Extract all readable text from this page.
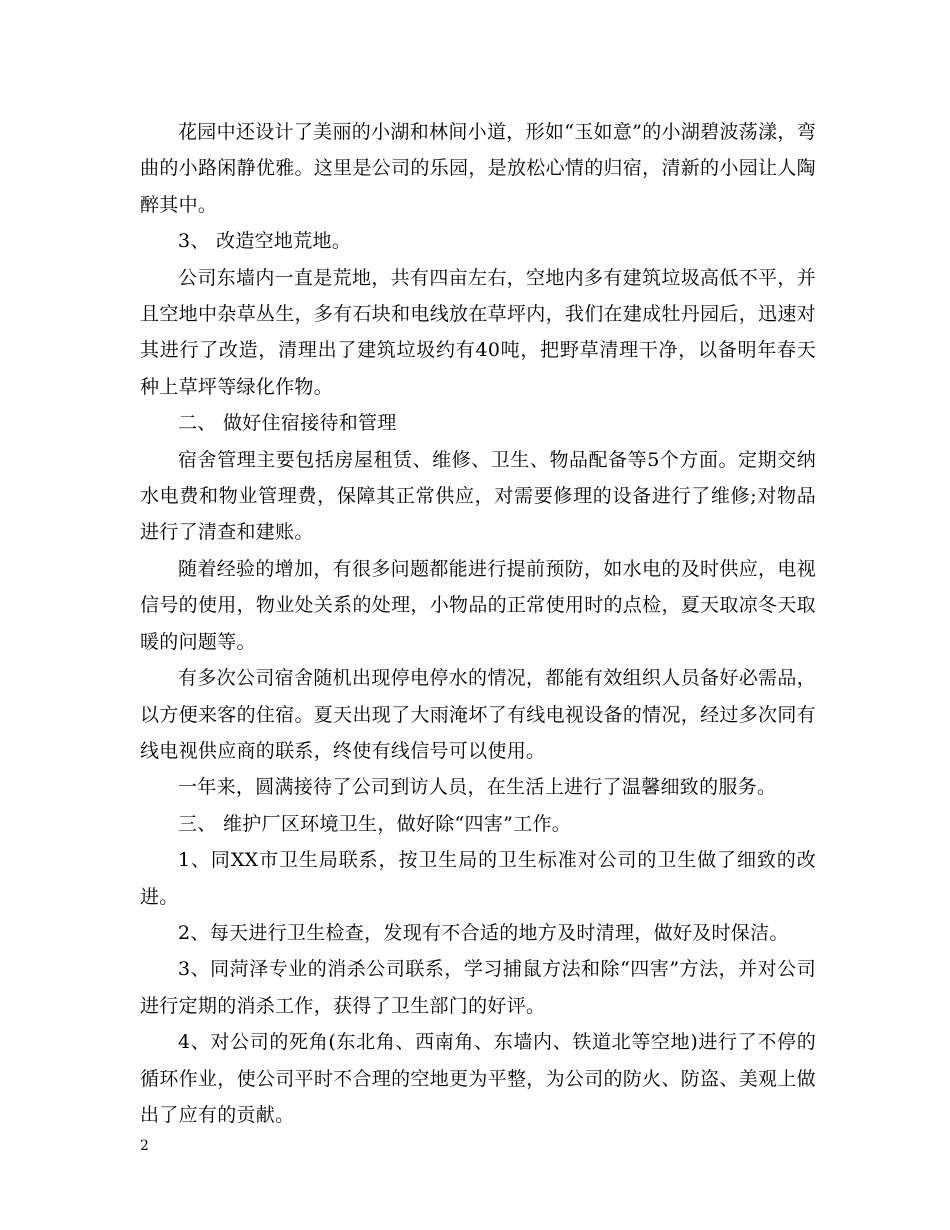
花园中还设计了美丽的小湖和林间小道，形如“玉如意”的小湖碧波荡漾，弯曲的小路闲静优雅。这里是公司的乐园，是放松心情的归宿，清新的小园让人陶醉其中。

3、 改造空地荒地。

公司东墙内一直是荒地，共有四亩左右，空地内多有建筑垃圾高低不平，并且空地中杂草丛生，多有石块和电线放在草坪内，我们在建成牡丹园后，迅速对其进行了改造，清理出了建筑垃圾约有40吨，把野草清理干净，以备明年春天种上草坪等绿化作物。

二、 做好住宿接待和管理

宿舍管理主要包括房屋租赁、维修、卫生、物品配备等5个方面。定期交纳水电费和物业管理费，保障其正常供应，对需要修理的设备进行了维修;对物品进行了清查和建账。

随着经验的增加，有很多问题都能进行提前预防，如水电的及时供应，电视信号的使用，物业处关系的处理，小物品的正常使用时的点检，夏天取凉冬天取暖的问题等。

有多次公司宿舍随机出现停电停水的情况，都能有效组织人员备好必需品，以方便来客的住宿。夏天出现了大雨淹坏了有线电视设备的情况，经过多次同有线电视供应商的联系，终使有线信号可以使用。

一年来，圆满接待了公司到访人员，在生活上进行了温馨细致的服务。

三、 维护厂区环境卫生，做好除“四害”工作。

1、同XX市卫生局联系，按卫生局的卫生标准对公司的卫生做了细致的改进。

2、每天进行卫生检查，发现有不合适的地方及时清理，做好及时保洁。

3、同菏泽专业的消杀公司联系，学习捕鼠方法和除“四害”方法，并对公司进行定期的消杀工作，获得了卫生部门的好评。

4、对公司的死角(东北角、西南角、东墙内、铁道北等空地)进行了不停的循环作业，使公司平时不合理的空地更为平整，为公司的防火、防盗、美观上做出了应有的贡献。

2
